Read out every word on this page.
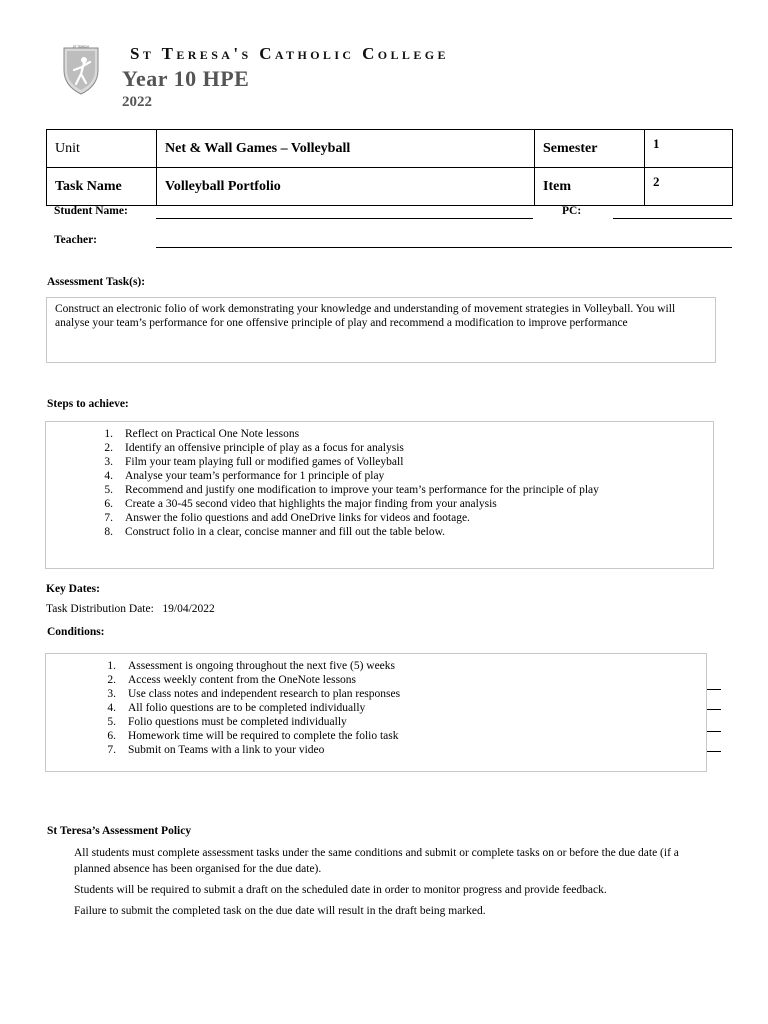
ST TERESA St Teresa's Catholic College
Year 10 HPE
2022
Unit	Net & Wall Games – Volleyball	Semester	1
Task Name	Volleyball Portfolio	Item	2
Student Name:	PC:
Teacher:
Assessment Task(s):

Construct an electronic folio of work demonstrating your knowledge and understanding of movement strategies in Volleyball. You will analyse your team’s performance for one offensive principle of play and recommend a modification to improve performance

Steps to achieve:
1. Reflect on Practical One Note lessons
2. Identify an offensive principle of play as a focus for analysis
3. Film your team playing full or modified games of Volleyball
4. Analyse your team’s performance for 1 principle of play
5. Recommend and justify one modification to improve your team’s performance for the principle of play
6. Create a 30-45 second video that highlights the major finding from your analysis
7. Answer the folio questions and add OneDrive links for videos and footage.
8. Construct folio in a clear, concise manner and fill out the table below.
Key Dates:
Task Distribution Date: 19/04/2022
Conditions:
1. Assessment is ongoing throughout the next five (5) weeks
2. Access weekly content from the OneNote lessons
3. Use class notes and independent research to plan responses
4. All folio questions are to be completed individually
5. Folio questions must be completed individually
6. Homework time will be required to complete the folio task
7. Submit on Teams with a link to your video
St Teresa’s Assessment Policy
All students must complete assessment tasks under the same conditions and submit or complete tasks on or before the due date (if a planned absence has been organised for the due date).
Students will be required to submit a draft on the scheduled date in order to monitor progress and provide feedback.
Failure to submit the completed task on the due date will result in the draft being marked.
